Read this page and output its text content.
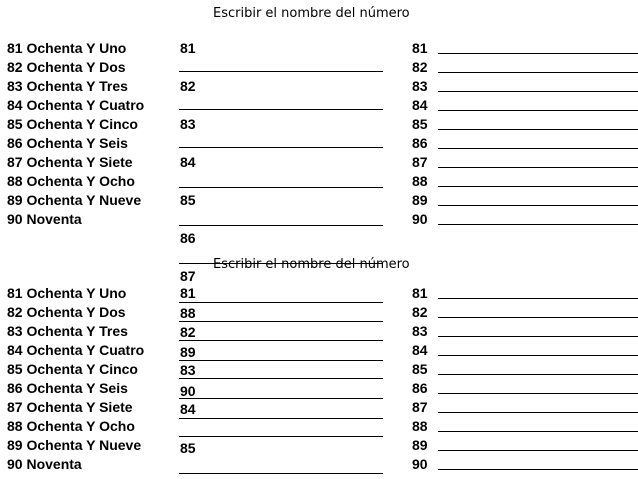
Escribir el nombre del número
81 Ochenta Y Uno
82 Ochenta Y Dos
83 Ochenta Y Tres
84 Ochenta Y Cuatro
85 Ochenta Y Cinco
86 Ochenta Y Seis
87 Ochenta Y Siete
88 Ochenta Y Ocho
89 Ochenta Y Nueve
90 Noventa
81
82
83
84
85
86
87
81
82
83
84
85
86
87
88
89
90
Escribir el nombre del número
81 Ochenta Y Uno
82 Ochenta Y Dos
83 Ochenta Y Tres
84 Ochenta Y Cuatro
85 Ochenta Y Cinco
86 Ochenta Y Seis
87 Ochenta Y Siete
88 Ochenta Y Ocho
89 Ochenta Y Nueve
90 Noventa
81
88
82
89
83
90
84
85
81
82
83
84
85
86
87
88
89
90
